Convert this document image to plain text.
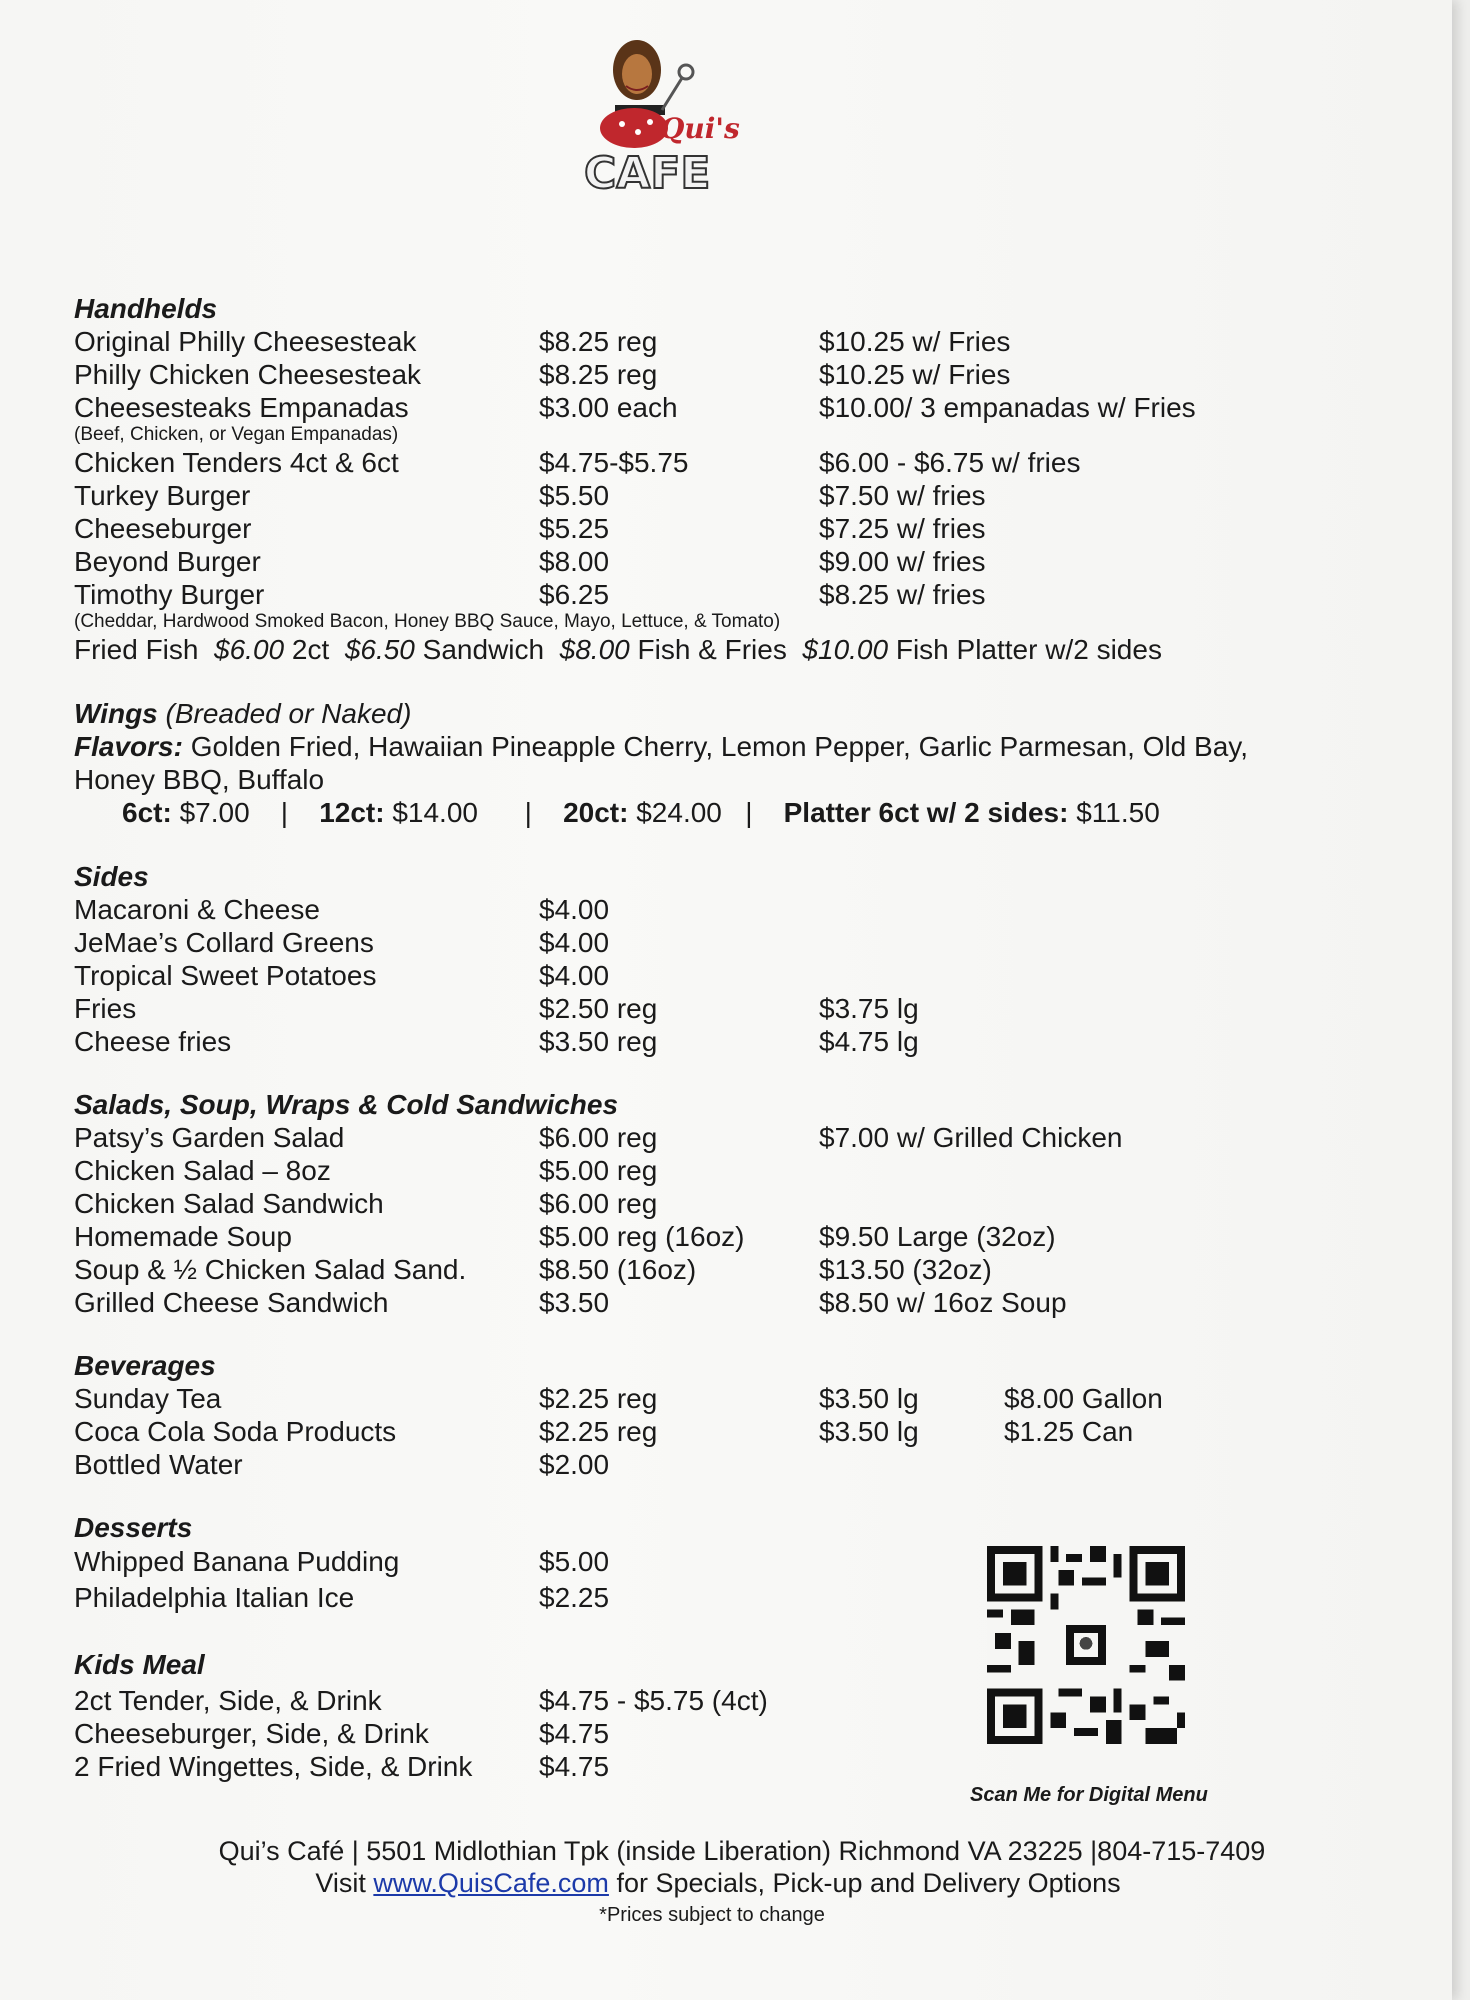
Qui's
CAFE
Handhelds
Original Philly Cheesesteak	$8.25 reg	$10.25 w/ Fries
Philly Chicken Cheesesteak	$8.25 reg	$10.25 w/ Fries
Cheesesteaks Empanadas	$3.00 each	$10.00/ 3 empanadas w/ Fries
(Beef, Chicken, or Vegan Empanadas)
Chicken Tenders 4ct & 6ct	$4.75-$5.75	$6.00 - $6.75 w/ fries
Turkey Burger	$5.50	$7.50 w/ fries
Cheeseburger	$5.25	$7.25 w/ fries
Beyond Burger	$8.00	$9.00 w/ fries
Timothy Burger	$6.25	$8.25 w/ fries
(Cheddar, Hardwood Smoked Bacon, Honey BBQ Sauce, Mayo, Lettuce, & Tomato)
Fried Fish $6.00 2ct $6.50 Sandwich $8.00 Fish & Fries $10.00 Fish Platter w/2 sides
Wings (Breaded or Naked)
Flavors: Golden Fried, Hawaiian Pineapple Cherry, Lemon Pepper, Garlic Parmesan, Old Bay, Honey BBQ, Buffalo
6ct:
$7.00
|
12ct:
$14.00
|
20ct:
$24.00
|
Platter 6ct w/ 2 sides:
$11.50
Sides
Macaroni & Cheese	$4.00
JeMae’s Collard Greens	$4.00
Tropical Sweet Potatoes	$4.00
Fries	$2.50 reg	$3.75 lg
Cheese fries	$3.50 reg	$4.75 lg
Salads, Soup, Wraps & Cold Sandwiches
Patsy’s Garden Salad	$6.00 reg	$7.00 w/ Grilled Chicken
Chicken Salad – 8oz	$5.00 reg
Chicken Salad Sandwich	$6.00 reg
Homemade Soup	$5.00 reg (16oz)	$9.50 Large (32oz)
Soup & ½ Chicken Salad Sand.	$8.50 (16oz)	$13.50 (32oz)
Grilled Cheese Sandwich	$3.50	$8.50 w/ 16oz Soup
Beverages
Sunday Tea	$2.25 reg	$3.50 lg	$8.00 Gallon
Coca Cola Soda Products	$2.25 reg	$3.50 lg	$1.25 Can
Bottled Water	$2.00
Desserts
Whipped Banana Pudding	$5.00
Philadelphia Italian Ice	$2.25
Kids Meal
2ct Tender, Side, & Drink	$4.75 - $5.75 (4ct)
Cheeseburger, Side, & Drink	$4.75
2 Fried Wingettes, Side, & Drink	$4.75
Scan Me for Digital Menu
Qui’s Café | 5501 Midlothian Tpk (inside Liberation) Richmond VA 23225 |804-715-7409
Visit www.QuisCafe.com for Specials, Pick-up and Delivery Options
*Prices subject to change
